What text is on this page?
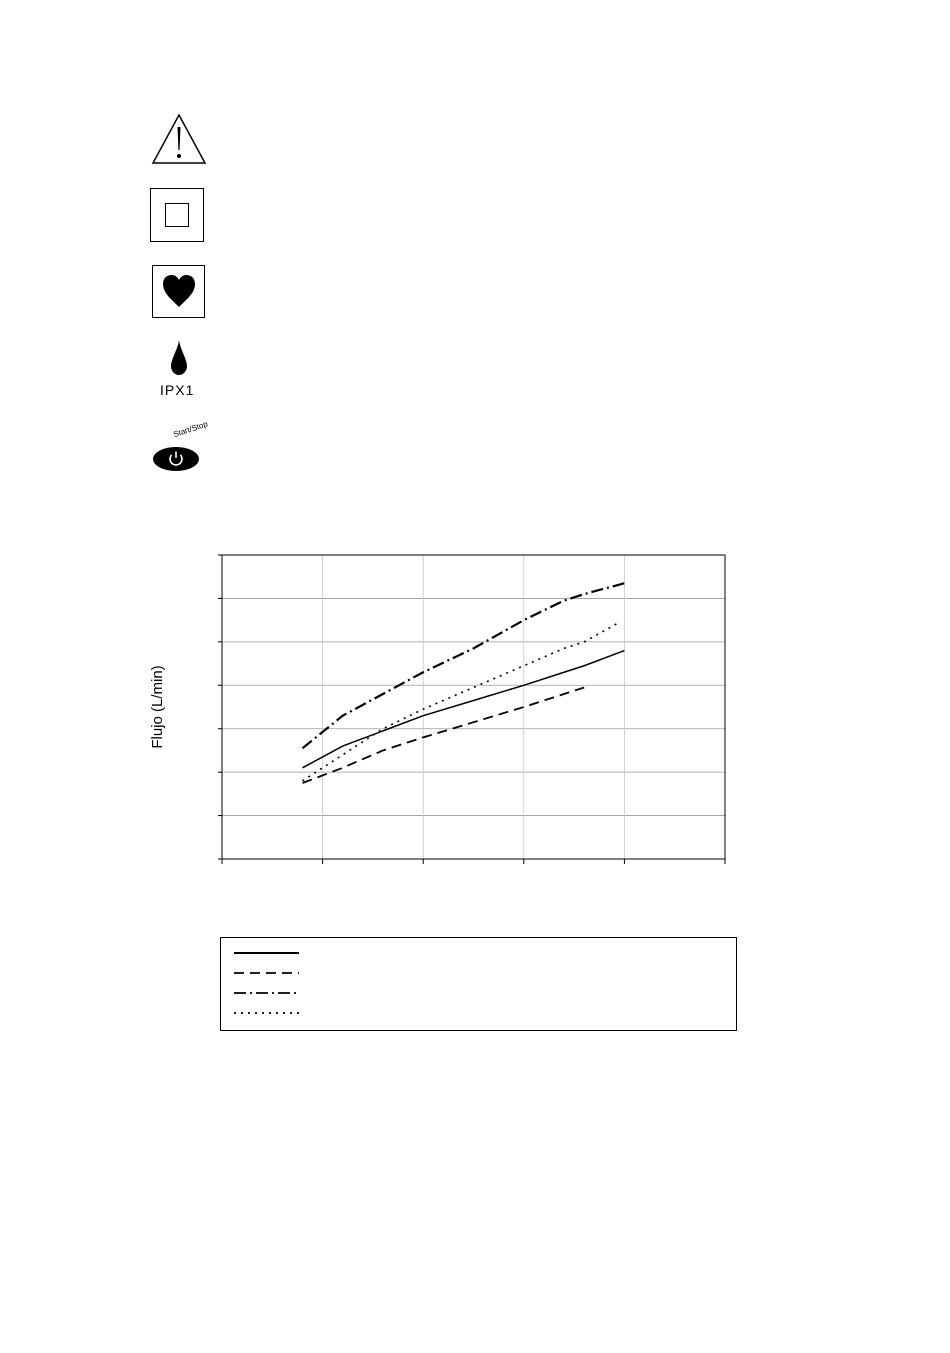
IPX1
Start/Stop
Flujo (L/min)
